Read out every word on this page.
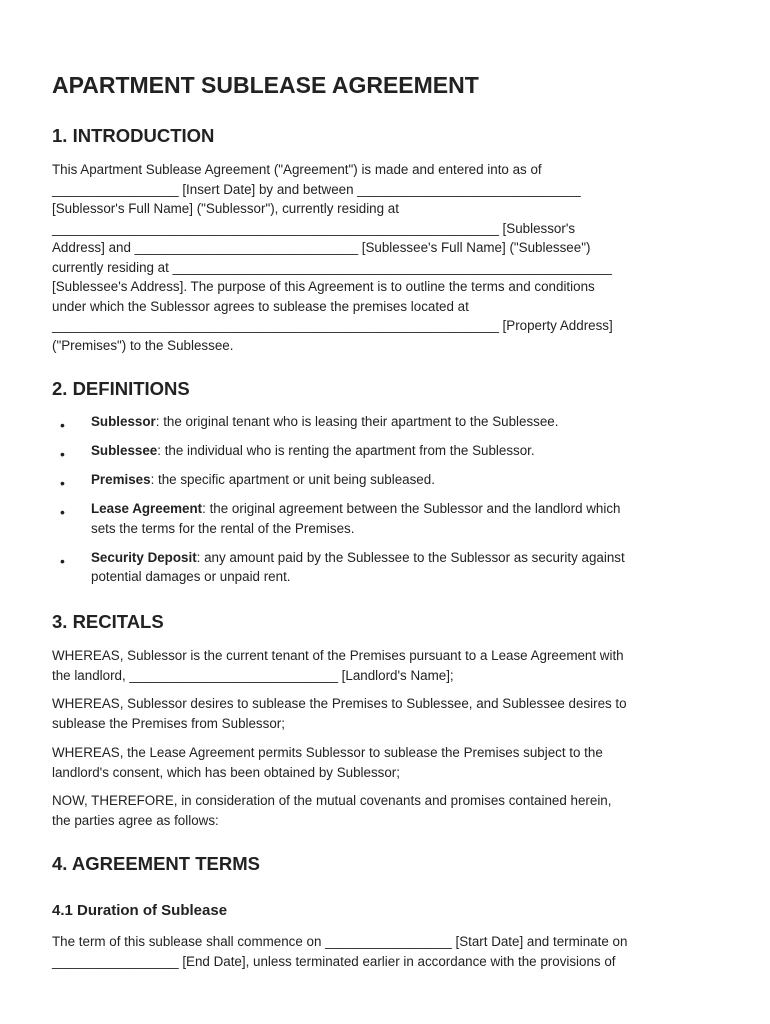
APARTMENT SUBLEASE AGREEMENT
1. INTRODUCTION
This Apartment Sublease Agreement ("Agreement") is made and entered into as of
_________________ [Insert Date] by and between ______________________________
[Sublessor's Full Name] ("Sublessor"), currently residing at
____________________________________________________________ [Sublessor's
Address] and ______________________________ [Sublessee's Full Name] ("Sublessee")
currently residing at ___________________________________________________________
[Sublessee's Address]. The purpose of this Agreement is to outline the terms and conditions
under which the Sublessor agrees to sublease the premises located at
____________________________________________________________ [Property Address]
("Premises") to the Sublessee.
2. DEFINITIONS
• Sublessor: the original tenant who is leasing their apartment to the Sublessee.
• Sublessee: the individual who is renting the apartment from the Sublessor.
• Premises: the specific apartment or unit being subleased.
• Lease Agreement: the original agreement between the Sublessor and the landlord which
sets the terms for the rental of the Premises.
• Security Deposit: any amount paid by the Sublessee to the Sublessor as security against
potential damages or unpaid rent.
3. RECITALS
WHEREAS, Sublessor is the current tenant of the Premises pursuant to a Lease Agreement with
the landlord, ____________________________ [Landlord's Name];
WHEREAS, Sublessor desires to sublease the Premises to Sublessee, and Sublessee desires to
sublease the Premises from Sublessor;
WHEREAS, the Lease Agreement permits Sublessor to sublease the Premises subject to the
landlord's consent, which has been obtained by Sublessor;
NOW, THEREFORE, in consideration of the mutual covenants and promises contained herein,
the parties agree as follows:
4. AGREEMENT TERMS
4.1 Duration of Sublease
The term of this sublease shall commence on _________________ [Start Date] and terminate on
_________________ [End Date], unless terminated earlier in accordance with the provisions of
